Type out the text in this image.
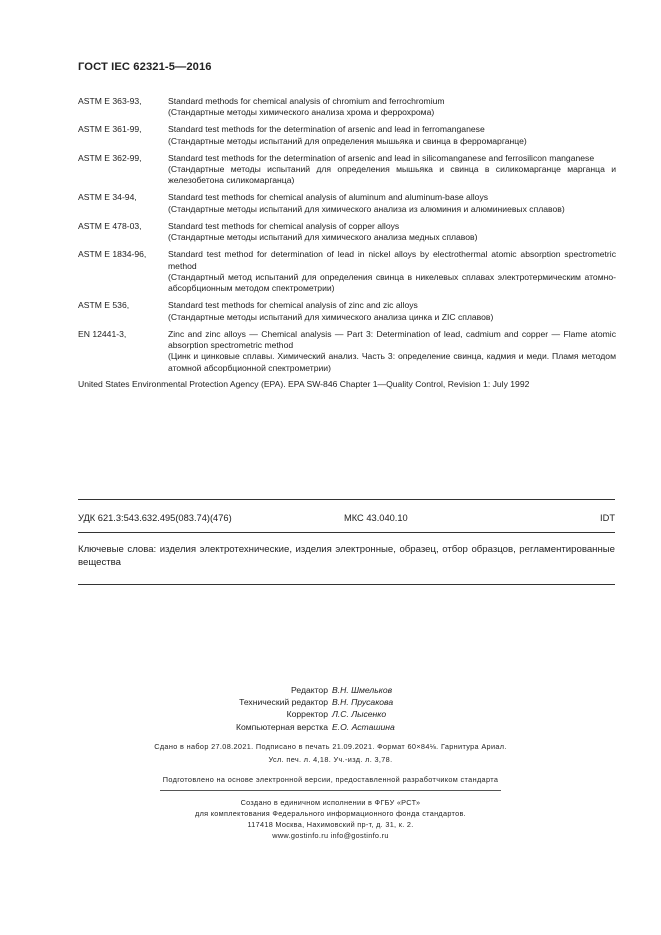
ГОСТ IEC 62321-5—2016
ASTM E 363-93,	Standard methods for chemical analysis of chromium and ferrochromium
(Стандартные методы химического анализа хрома и феррохрома)
ASTM E 361-99,	Standard test methods for the determination of arsenic and lead in ferromanganese
(Стандартные методы испытаний для определения мышьяка и свинца в ферромарганце)
ASTM E 362-99,	Standard test methods for the determination of arsenic and lead in silicomanganese and ferrosilicon manganese
(Стандартные методы испытаний для определения мышьяка и свинца в силикомарганце марганца и железобетона силикомарганца)
ASTM E 34-94,	Standard test methods for chemical analysis of aluminum and aluminum-base alloys
(Стандартные методы испытаний для химического анализа из алюминия и алюминиевых сплавов)
ASTM E 478-03,	Standard test methods for chemical analysis of copper alloys
(Стандартные методы испытаний для химического анализа медных сплавов)
ASTM E 1834-96,	Standard test method for determination of lead in nickel alloys by electrothermal atomic absorption spectrometric method
(Стандартный метод испытаний для определения свинца в никелевых сплавах электротермическим атомно-абсорбционным методом спектрометрии)
ASTM E 536,	Standard test methods for chemical analysis of zinc and zic alloys
(Стандартные методы испытаний для химического анализа цинка и ZIC сплавов)
EN 12441-3,	Zinc and zinc alloys — Chemical analysis — Part 3: Determination of lead, cadmium and copper — Flame atomic absorption spectrometric method
(Цинк и цинковые сплавы. Химический анализ. Часть 3: определение свинца, кадмия и меди. Пламя методом атомной абсорбционной спектрометрии)
United States Environmental Protection Agency (EPA). EPA SW-846 Chapter 1—Quality Control, Revision 1: July 1992
УДК 621.3:543.632.495(083.74)(476)	МКС 43.040.10	IDT
Ключевые слова: изделия электротехнические, изделия электронные, образец, отбор образцов, регламентированные вещества
Редактор В.Н. Шмельков
Технический редактор В.Н. Прусакова
Корректор Л.С. Лысенко
Компьютерная верстка Е.О. Асташина
Сдано в набор 27.08.2021. Подписано в печать 21.09.2021. Формат 60×84⅛. Гарнитура Ариал.
Усл. печ. л. 4,18. Уч.-изд. л. 3,78.
Подготовлено на основе электронной версии, предоставленной разработчиком стандарта
Создано в единичном исполнении в ФГБУ «РСТ»
для комплектования Федерального информационного фонда стандартов.
117418 Москва, Нахимовский пр-т, д. 31, к. 2.
www.gostinfo.ru info@gostinfo.ru
